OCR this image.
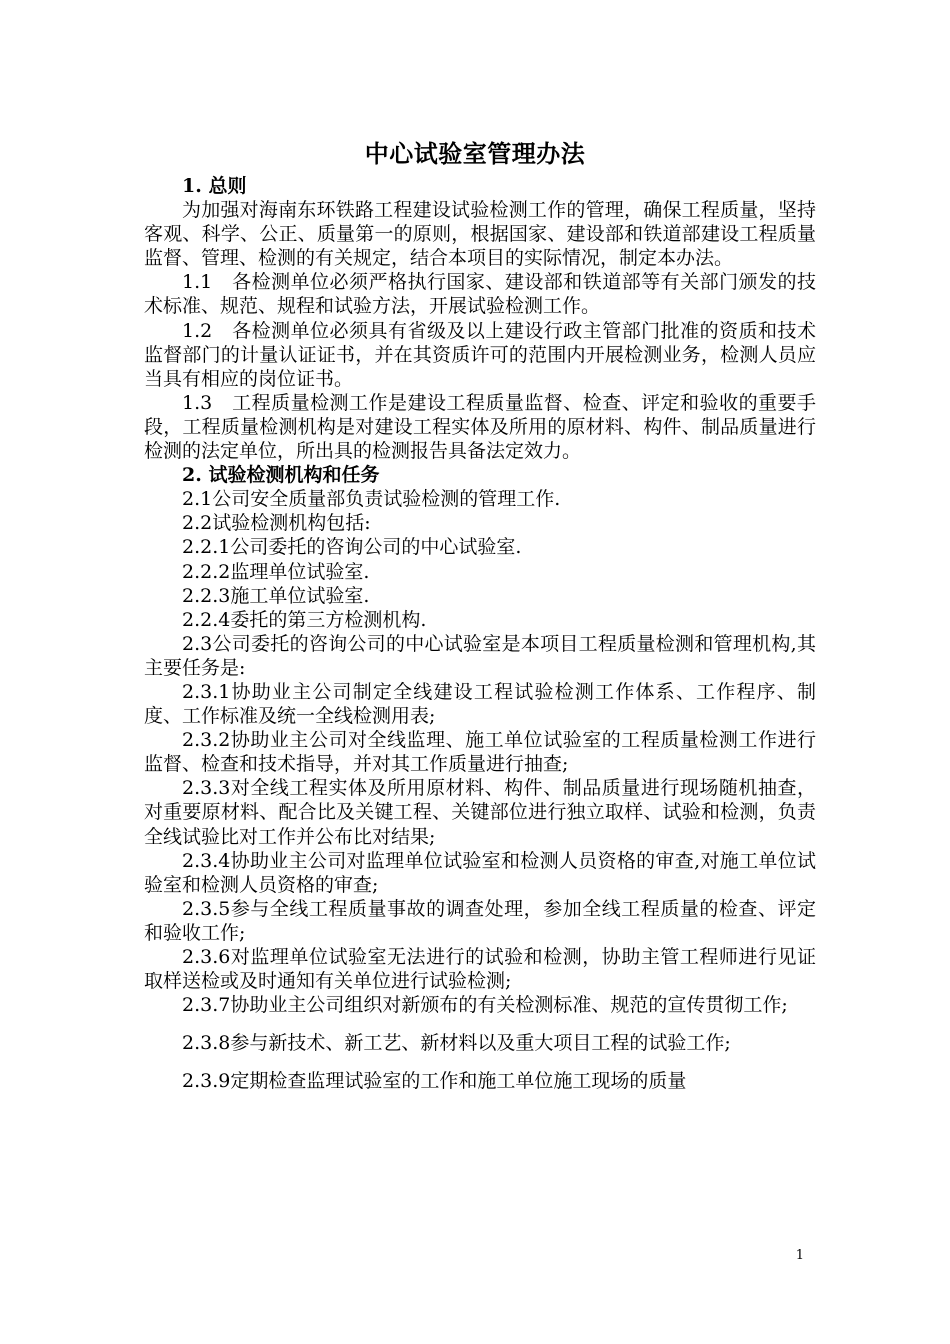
中心试验室管理办法

1. 总则

为加强对海南东环铁路工程建设试验检测工作的管理，确保工程质量，坚持客观、科学、公正、质量第一的原则，根据国家、建设部和铁道部建设工程质量监督、管理、检测的有关规定，结合本项目的实际情况，制定本办法。

1.1　各检测单位必须严格执行国家、建设部和铁道部等有关部门颁发的技术标准、规范、规程和试验方法，开展试验检测工作。

1.2　各检测单位必须具有省级及以上建设行政主管部门批准的资质和技术监督部门的计量认证证书，并在其资质许可的范围内开展检测业务，检测人员应当具有相应的岗位证书。

1.3　工程质量检测工作是建设工程质量监督、检查、评定和验收的重要手段，工程质量检测机构是对建设工程实体及所用的原材料、构件、制品质量进行检测的法定单位，所出具的检测报告具备法定效力。

2. 试验检测机构和任务

2.1公司安全质量部负责试验检测的管理工作.

2.2试验检测机构包括:

2.2.1公司委托的咨询公司的中心试验室.

2.2.2监理单位试验室.

2.2.3施工单位试验室.

2.2.4委托的第三方检测机构.

2.3公司委托的咨询公司的中心试验室是本项目工程质量检测和管理机构,其主要任务是:

2.3.1协助业主公司制定全线建设工程试验检测工作体系、工作程序、制度、工作标准及统一全线检测用表;

2.3.2协助业主公司对全线监理、施工单位试验室的工程质量检测工作进行监督、检查和技术指导，并对其工作质量进行抽查;

2.3.3对全线工程实体及所用原材料、构件、制品质量进行现场随机抽查，对重要原材料、配合比及关键工程、关键部位进行独立取样、试验和检测，负责全线试验比对工作并公布比对结果;

2.3.4协助业主公司对监理单位试验室和检测人员资格的审查,对施工单位试验室和检测人员资格的审查;

2.3.5参与全线工程质量事故的调查处理，参加全线工程质量的检查、评定和验收工作;

2.3.6对监理单位试验室无法进行的试验和检测，协助主管工程师进行见证取样送检或及时通知有关单位进行试验检测;

2.3.7协助业主公司组织对新颁布的有关检测标准、规范的宣传贯彻工作;

2.3.8参与新技术、新工艺、新材料以及重大项目工程的试验工作;

2.3.9定期检查监理试验室的工作和施工单位施工现场的质量

1
